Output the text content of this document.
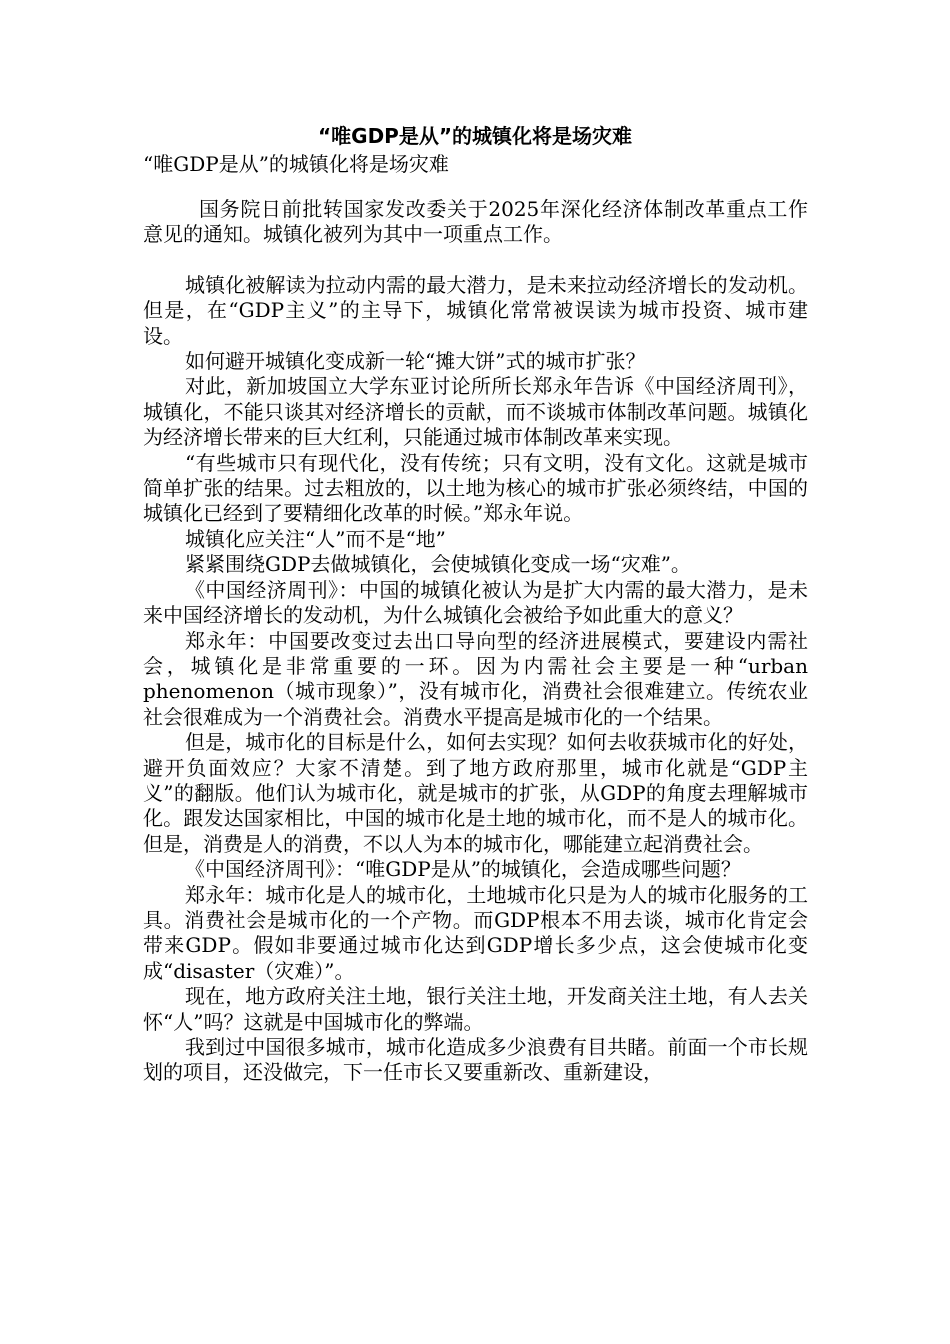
“唯GDP是从”的城镇化将是场灾难
“唯GDP是从”的城镇化将是场灾难

国务院日前批转国家发改委关于2025年深化经济体制改革重点工作意见的通知。城镇化被列为其中一项重点工作。

城镇化被解读为拉动内需的最大潜力，是未来拉动经济增长的发动机。但是，在“GDP主义”的主导下，城镇化常常被误读为城市投资、城市建设。

如何避开城镇化变成新一轮“摊大饼”式的城市扩张？

对此，新加坡国立大学东亚讨论所所长郑永年告诉《中国经济周刊》，城镇化，不能只谈其对经济增长的贡献，而不谈城市体制改革问题。城镇化为经济增长带来的巨大红利，只能通过城市体制改革来实现。

“有些城市只有现代化，没有传统；只有文明，没有文化。这就是城市简单扩张的结果。过去粗放的，以土地为核心的城市扩张必须终结，中国的城镇化已经到了要精细化改革的时候。”郑永年说。

城镇化应关注“人”而不是“地”

紧紧围绕GDP去做城镇化，会使城镇化变成一场“灾难”。

《中国经济周刊》：中国的城镇化被认为是扩大内需的最大潜力，是未来中国经济增长的发动机，为什么城镇化会被给予如此重大的意义？

郑永年：中国要改变过去出口导向型的经济进展模式，要建设内需社会，城镇化是非常重要的一环。因为内需社会主要是一种“urban phenomenon（城市现象）”，没有城市化，消费社会很难建立。传统农业社会很难成为一个消费社会。消费水平提高是城市化的一个结果。

但是，城市化的目标是什么，如何去实现？如何去收获城市化的好处，避开负面效应？大家不清楚。到了地方政府那里，城市化就是“GDP主义”的翻版。他们认为城市化，就是城市的扩张，从GDP的角度去理解城市化。跟发达国家相比，中国的城市化是土地的城市化，而不是人的城市化。但是，消费是人的消费，不以人为本的城市化，哪能建立起消费社会。

《中国经济周刊》：“唯GDP是从”的城镇化，会造成哪些问题？

郑永年：城市化是人的城市化，土地城市化只是为人的城市化服务的工具。消费社会是城市化的一个产物。而GDP根本不用去谈，城市化肯定会带来GDP。假如非要通过城市化达到GDP增长多少点，这会使城市化变成“disaster（灾难）”。

现在，地方政府关注土地，银行关注土地，开发商关注土地，有人去关怀“人”吗？这就是中国城市化的弊端。

我到过中国很多城市，城市化造成多少浪费有目共睹。前面一个市长规划的项目，还没做完，下一任市长又要重新改、重新建设，
